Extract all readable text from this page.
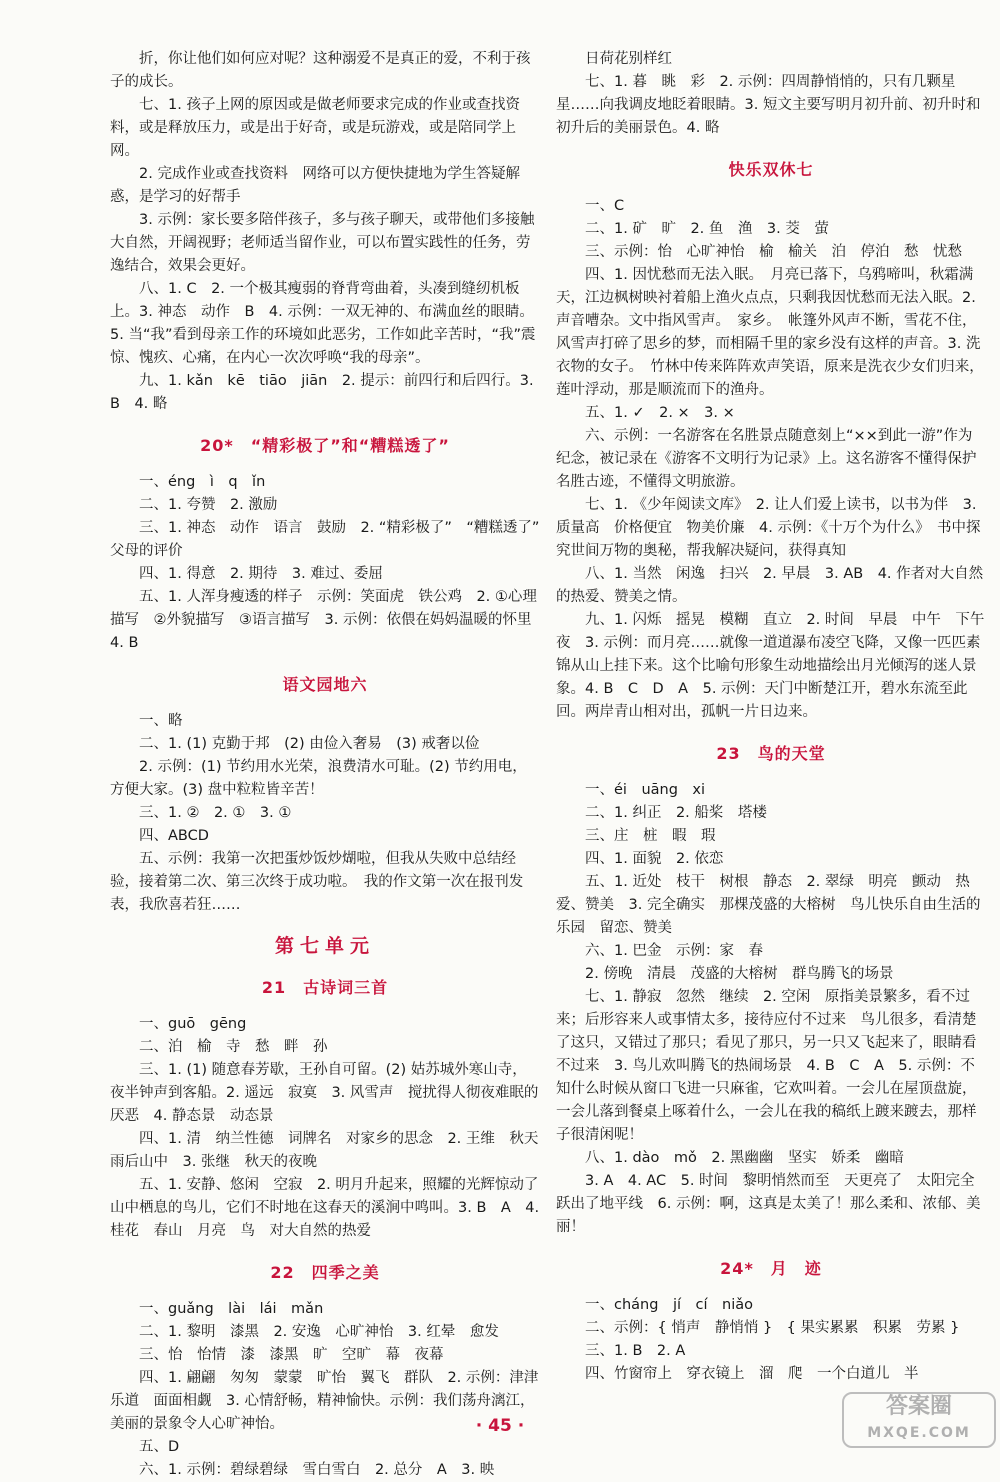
折，你让他们如何应对呢？这种溺爱不是真正的爱，不利于孩子的成长。

七、1. 孩子上网的原因或是做老师要求完成的作业或查找资料，或是释放压力，或是出于好奇，或是玩游戏，或是陪同学上网。

2. 完成作业或查找资料　网络可以方便快捷地为学生答疑解惑，是学习的好帮手

3. 示例：家长要多陪伴孩子，多与孩子聊天，或带他们多接触大自然，开阔视野；老师适当留作业，可以布置实践性的任务，劳逸结合，效果会更好。

八、1. C　2. 一个极其瘦弱的脊背弯曲着，头凑到缝纫机板上。3. 神态　动作　B　4. 示例：一双无神的、布满血丝的眼睛。5. 当“我”看到母亲工作的环境如此恶劣，工作如此辛苦时，“我”震惊、愧疚、心痛，在内心一次次呼唤“我的母亲”。

九、1. kǎn　kē　tiāo　jiān　2. 提示：前四行和后四行。3. B　4. 略

20*　“精彩极了”和“糟糕透了”

一、éng　ì　q　ǐn

二、1. 夸赞　2. 激励

三、1. 神态　动作　语言　鼓励　2. “精彩极了”　“糟糕透了”　父母的评价

四、1. 得意　2. 期待　3. 难过、委屈

五、1. 人浑身瘦透的样子　示例：笑面虎　铁公鸡　2. ①心理描写　②外貌描写　③语言描写　3. 示例：依偎在妈妈温暖的怀里　4. B

语文园地六

一、略

二、1. (1) 克勤于邦　(2) 由俭入奢易　(3) 戒奢以俭

2. 示例：(1) 节约用水光荣，浪费清水可耻。(2) 节约用电，方便大家。(3) 盘中粒粒皆辛苦！

三、1. ②　2. ①　3. ①

四、ABCD

五、示例：我第一次把蛋炒饭炒煳啦，但我从失败中总结经验，接着第二次、第三次终于成功啦。　我的作文第一次在报刊发表，我欣喜若狂……

第七单元
21　古诗词三首

一、guō　gēng

二、泊　榆　寺　愁　畔　孙

三、1. (1) 随意春芳歇，王孙自可留。(2) 姑苏城外寒山寺，夜半钟声到客船。2. 遥远　寂寞　3. 风雪声　搅扰得人彻夜难眠的厌恶　4. 静态景　动态景

四、1. 清　纳兰性德　词牌名　对家乡的思念　2. 王维　秋天雨后山中　3. 张继　秋天的夜晚

五、1. 安静、悠闲　空寂　2. 明月升起来，照耀的光辉惊动了山中栖息的鸟儿，它们不时地在这春天的溪涧中鸣叫。3. B　A　4. 桂花　春山　月亮　鸟　对大自然的热爱

22　四季之美

一、guǎng　lài　lái　mǎn

二、1. 黎明　漆黑　2. 安逸　心旷神怡　3. 红晕　愈发

三、怡　怡情　漆　漆黑　旷　空旷　幕　夜幕

四、1. 翩翩　匆匆　蒙蒙　旷怡　翼飞　群队　2. 示例：津津乐道　面面相觑　3. 心情舒畅，精神愉快。示例：我们荡舟漓江，美丽的景象令人心旷神怡。

五、D

六、1. 示例：碧绿碧绿　雪白雪白　2. 总分　A　3. 映

日荷花别样红

七、1. 暮　眺　彩　2. 示例：四周静悄悄的，只有几颗星星……向我调皮地眨着眼睛。3. 短文主要写明月初升前、初升时和初升后的美丽景色。4. 略

快乐双休七

一、C

二、1. 矿　旷　2. 鱼　渔　3. 茭　萤

三、示例：怡　心旷神怡　榆　榆关　泊　停泊　愁　忧愁

四、1. 因忧愁而无法入眠。　月亮已落下，乌鸦啼叫，秋霜满天，江边枫树映衬着船上渔火点点，只剩我因忧愁而无法入眠。2. 声音嘈杂。文中指风雪声。　家乡。　帐篷外风声不断，雪花不住，风雪声打碎了思乡的梦，而相隔千里的家乡没有这样的声音。3. 洗衣物的女子。　竹林中传来阵阵欢声笑语，原来是洗衣少女们归来，莲叶浮动，那是顺流而下的渔舟。

五、1. ✓　2. ×　3. ×

六、示例：一名游客在名胜景点随意刻上“××到此一游”作为纪念，被记录在《游客不文明行为记录》上。这名游客不懂得保护名胜古迹，不懂得文明旅游。

七、1. 《少年阅读文库》　2. 让人们爱上读书，以书为伴　3. 质量高　价格便宜　物美价廉　4. 示例：《十万个为什么》　书中探究世间万物的奥秘，帮我解决疑问，获得真知

八、1. 当然　闲逸　扫兴　2. 早晨　3. AB　4. 作者对大自然的热爱、赞美之情。

九、1. 闪烁　摇晃　模糊　直立　2. 时间　早晨　中午　下午　夜　3. 示例：而月亮……就像一道道瀑布凌空飞降，又像一匹匹素锦从山上挂下来。这个比喻句形象生动地描绘出月光倾泻的迷人景象。4. B　C　D　A　5. 示例：天门中断楚江开，碧水东流至此回。两岸青山相对出，孤帆一片日边来。

23　鸟的天堂

一、éi　uāng　xi

二、1. 纠正　2. 船桨　塔楼

三、庄　桩　暇　瑕

四、1. 面貌　2. 依恋

五、1. 近处　枝干　树根　静态　2. 翠绿　明亮　颤动　热爱、赞美　3. 完全确实　那棵茂盛的大榕树　鸟儿快乐自由生活的乐园　留恋、赞美

六、1. 巴金　示例：家　春

2. 傍晚　清晨　茂盛的大榕树　群鸟腾飞的场景

七、1. 静寂　忽然　继续　2. 空闲　原指美景繁多，看不过来；后形容来人或事情太多，接待应付不过来　鸟儿很多，看清楚了这只，又错过了那只；看见了那只，另一只又飞起来了，眼睛看不过来　3. 鸟儿欢叫腾飞的热闹场景　4. B　C　A　5. 示例：不知什么时候从窗口飞进一只麻雀，它欢叫着。一会儿在屋顶盘旋，一会儿落到餐桌上啄着什么，一会儿在我的稿纸上踱来踱去，那样子很清闲呢！

八、1. dào　mǒ　2. 黑幽幽　坚实　娇柔　幽暗

3. A　4. AC　5. 时间　黎明悄然而至　天更亮了　太阳完全跃出了地平线　6. 示例：啊，这真是太美了！那么柔和、浓郁、美丽！

24*　月　迹

一、cháng　jí　cí　niǎo

二、示例：{ 悄声　静悄悄 }　{ 果实累累　积累　劳累 }

三、1. B　2. A

四、竹窗帘上　穿衣镜上　溜　爬　一个白道儿　半

· 45 ·
答案圈
MXQE.COM
